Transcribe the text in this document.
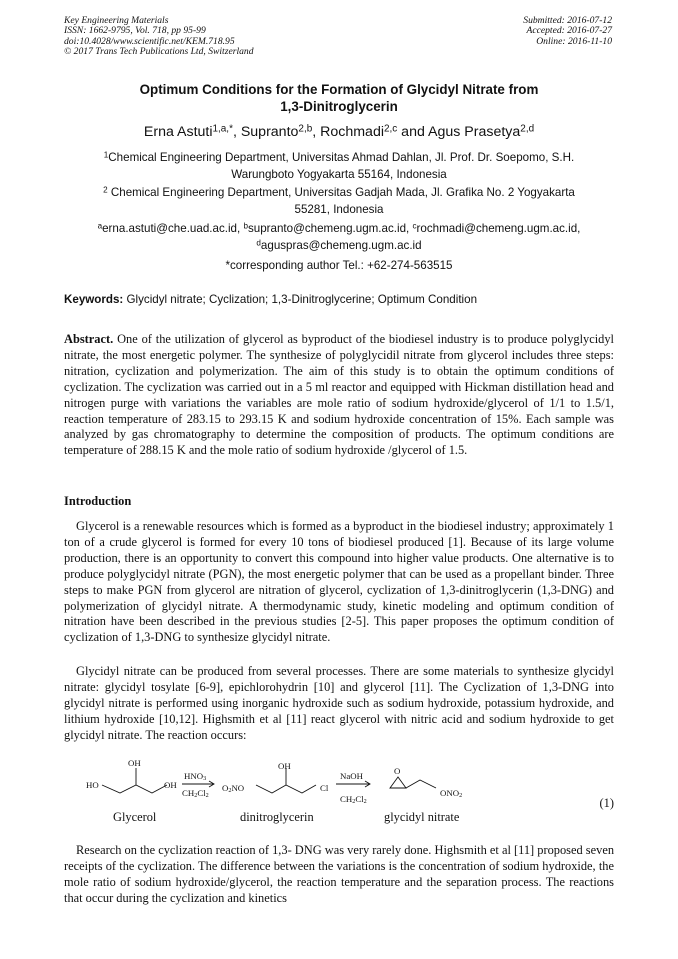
Key Engineering Materials
ISSN: 1662-9795, Vol. 718, pp 95-99
doi:10.4028/www.scientific.net/KEM.718.95
© 2017 Trans Tech Publications Ltd, Switzerland
Submitted: 2016-07-12
Accepted: 2016-07-27
Online: 2016-11-10
Optimum Conditions for the Formation of Glycidyl Nitrate from
1,3-Dinitroglycerin
Erna Astuti$^{1,a,*}$, Supranto$^{2,b}$, Rochmadi$^{2,c}$ and Agus Prasetya$^{2,d}$
$^1$Chemical Engineering Department, Universitas Ahmad Dahlan, Jl. Prof. Dr. Soepomo, S.H.
Warungboto Yogyakarta 55164, Indonesia
$^2$ Chemical Engineering Department, Universitas Gadjah Mada, Jl. Grafika No. 2 Yogyakarta
55281, Indonesia
$^a$erna.astuti@che.uad.ac.id, $^b$supranto@chemeng.ugm.ac.id, $^c$rochmadi@chemeng.ugm.ac.id,
$^d$aguspras@chemeng.ugm.ac.id
*corresponding author Tel.: +62-274-563515
Keywords: Glycidyl nitrate; Cyclization; 1,3-Dinitroglycerine; Optimum Condition
Abstract. One of the utilization of glycerol as byproduct of the biodiesel industry is to produce polyglycidyl nitrate, the most energetic polymer. The synthesize of polyglycidil nitrate from glycerol includes three steps: nitration, cyclization and polymerization. The aim of this study is to obtain the optimum conditions of cyclization. The cyclization was carried out in a 5 ml reactor and equipped with Hickman distillation head and nitrogen purge with variations the variables are mole ratio of sodium hydroxide/glycerol of 1/1 to 1.5/1, reaction temperature of 283.15 to 293.15 K and sodium hydroxide concentration of 15%. Each sample was analyzed by gas chromatography to determine the composition of products. The optimum conditions are   temperature of 288.15 K and the mole ratio of sodium hydroxide /glycerol of 1.5.
Introduction

Glycerol is a renewable resources which is formed as a byproduct in the biodiesel industry; approximately 1 ton of a crude glycerol is formed for every 10 tons of biodiesel produced [1]. Because of its large volume production, there is an opportunity to convert this compound into higher value products. One alternative is to produce polyglycidyl nitrate (PGN), the most energetic polymer that can be used as a propellant binder. Three steps to make PGN from glycerol are nitration of glycerol, cyclization of 1,3-dinitroglycerin (1,3-DNG) and polymerization of glycidyl nitrate. A thermodynamic study, kinetic modeling and optimum condition of nitration have been described in the previous studies [2-5]. This paper proposes the optimum condition of cyclization of 1,3-DNG to synthesize glycidyl nitrate.

Glycidyl nitrate can be produced from several processes. There are some materials to synthesize glycidyl nitrate: glycidyl tosylate [6-9], epichlorohydrin [10] and glycerol [11]. The Cyclization of 1,3-DNG into glycidyl nitrate is performed using inorganic hydroxide such as sodium hydroxide, potassium hydroxide, and lithium hydroxide [10,12]. Highsmith et al [11] react glycerol with nitric acid and sodium hydroxide to get glycidyl nitrate. The reaction occurs:

HO
OH
OH
$HNO_3$
$CH_2Cl_2$
$O_2NO$
OH
Cl
NaOH
$CH_2Cl_2$
O
$ONO_2$
Glycerol	dinitroglycerin	glycidyl nitrate
(1)

Research on the cyclization reaction of 1,3- DNG was very rarely done. Highsmith et al [11] proposed seven receipts of the cyclization. The difference between the variations is the concentration of sodium hydroxide, the mole ratio of sodium hydroxide/glycerol, the reaction temperature and the separation process. The reactions that occur during the cyclization and kinetics
